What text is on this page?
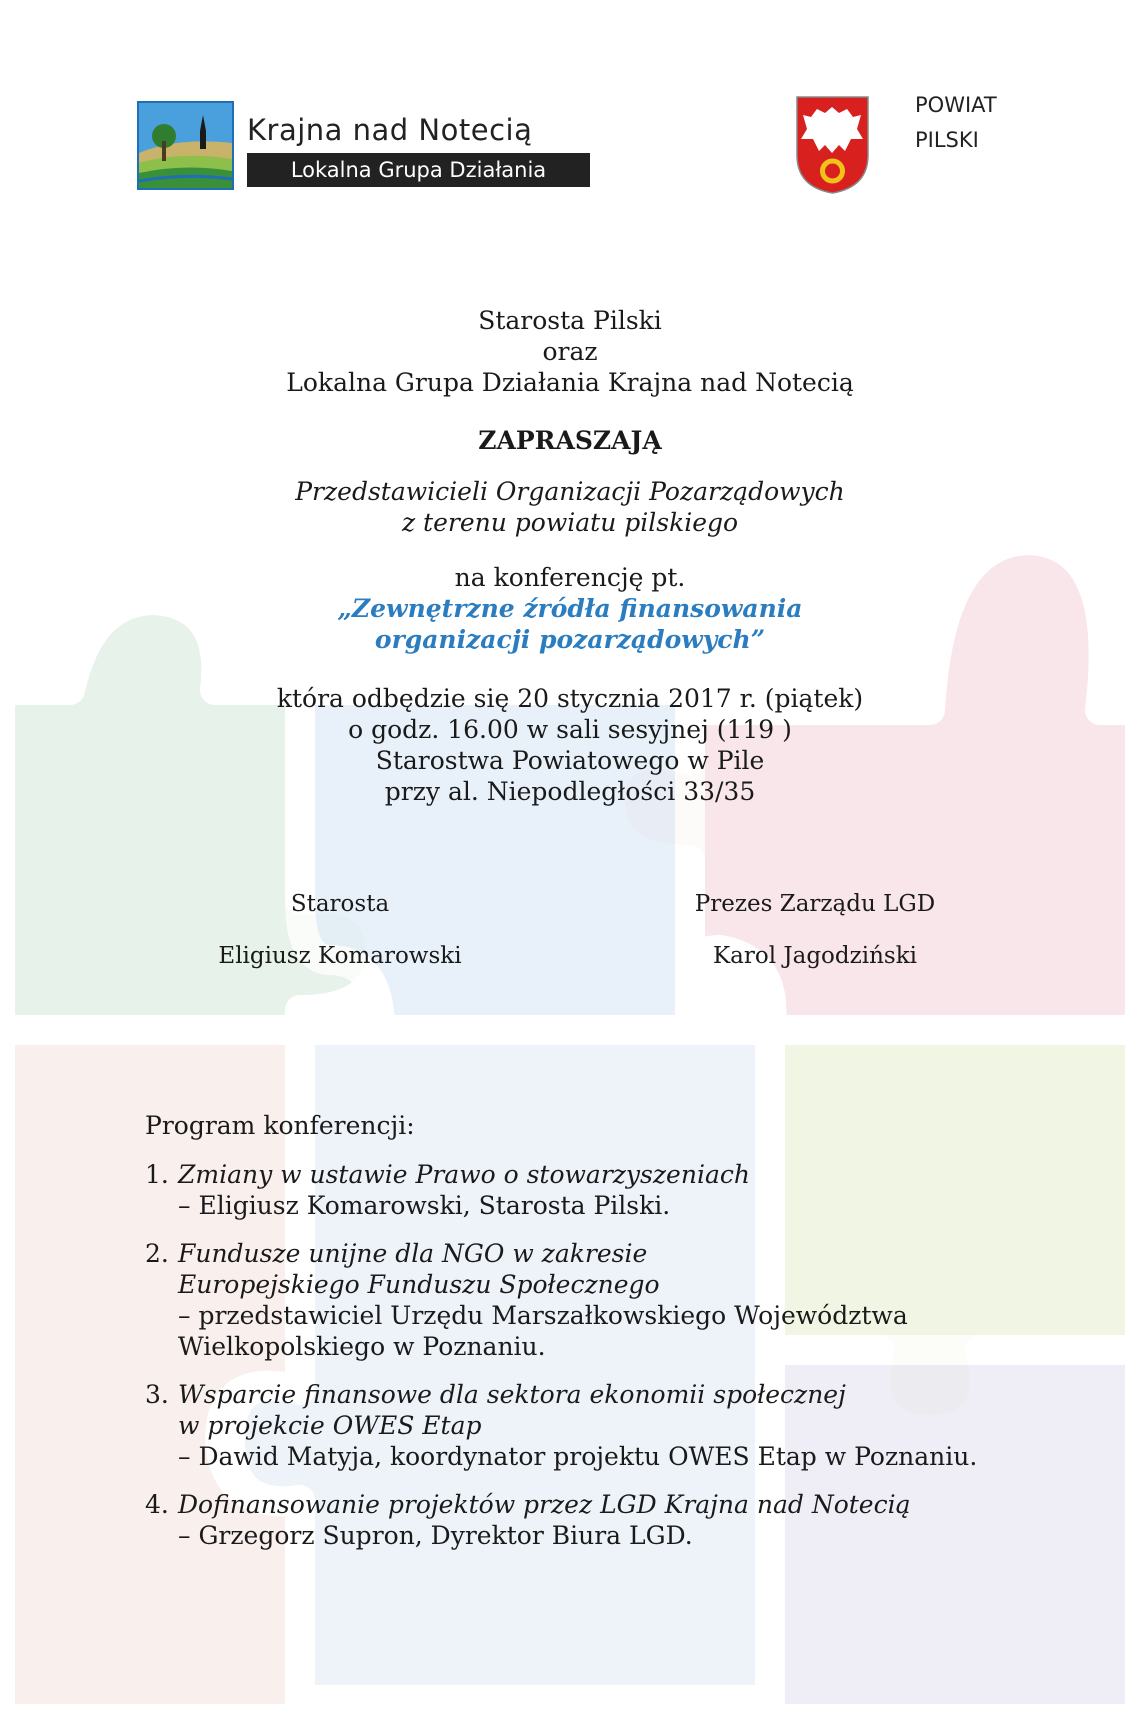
Krajna nad Notecią
Lokalna Grupa Działania
POWIAT
PILSKI
Starosta Pilski
oraz
Lokalna Grupa Działania Krajna nad Notecią
ZAPRASZAJĄ
Przedstawicieli Organizacji Pozarządowych
z terenu powiatu pilskiego
na konferencję pt.
„Zewnętrzne źródła finansowania
organizacji pozarządowych”
która odbędzie się 20 stycznia 2017 r. (piątek)
o godz. 16.00 w sali sesyjnej (119 )
Starostwa Powiatowego w Pile
przy al. Niepodległości 33/35
Starosta
Eligiusz Komarowski
Prezes Zarządu LGD
Karol Jagodziński
Program konferencji:
1. Zmiany w ustawie Prawo o stowarzyszeniach
– Eligiusz Komarowski, Starosta Pilski.
2. Fundusze unijne dla NGO w zakresie
Europejskiego Funduszu Społecznego
– przedstawiciel Urzędu Marszałkowskiego Województwa
Wielkopolskiego w Poznaniu.
3. Wsparcie finansowe dla sektora ekonomii społecznej
w projekcie OWES Etap
– Dawid Matyja, koordynator projektu OWES Etap w Poznaniu.
4. Dofinansowanie projektów przez LGD Krajna nad Notecią
– Grzegorz Supron, Dyrektor Biura LGD.
